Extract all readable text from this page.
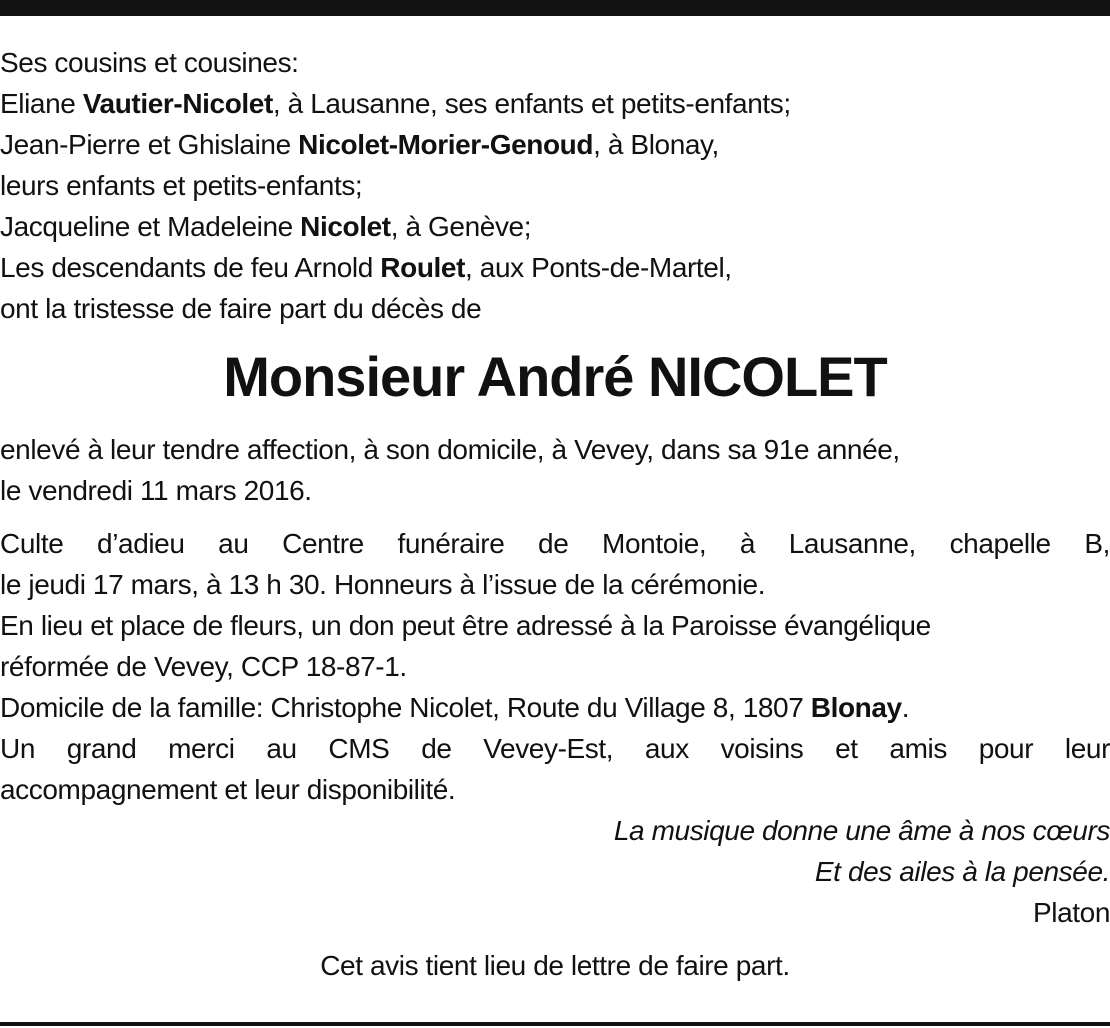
Ses cousins et cousines:
Eliane Vautier-Nicolet, à Lausanne, ses enfants et petits-enfants;
Jean-Pierre et Ghislaine Nicolet-Morier-Genoud, à Blonay,
leurs enfants et petits-enfants;
Jacqueline et Madeleine Nicolet, à Genève;
Les descendants de feu Arnold Roulet, aux Ponts-de-Martel,
ont la tristesse de faire part du décès de
Monsieur André NICOLET
enlevé à leur tendre affection, à son domicile, à Vevey, dans sa 91e année,
le vendredi 11 mars 2016.
Culte d’adieu au Centre funéraire de Montoie, à Lausanne, chapelle B,
le jeudi 17 mars, à 13 h 30. Honneurs à l’issue de la cérémonie.
En lieu et place de fleurs, un don peut être adressé à la Paroisse évangélique
réformée de Vevey, CCP 18-87-1.
Domicile de la famille: Christophe Nicolet, Route du Village 8, 1807 Blonay.
Un grand merci au CMS de Vevey-Est, aux voisins et amis pour leur
accompagnement et leur disponibilité.
La musique donne une âme à nos cœurs
Et des ailes à la pensée.
Platon
Cet avis tient lieu de lettre de faire part.
